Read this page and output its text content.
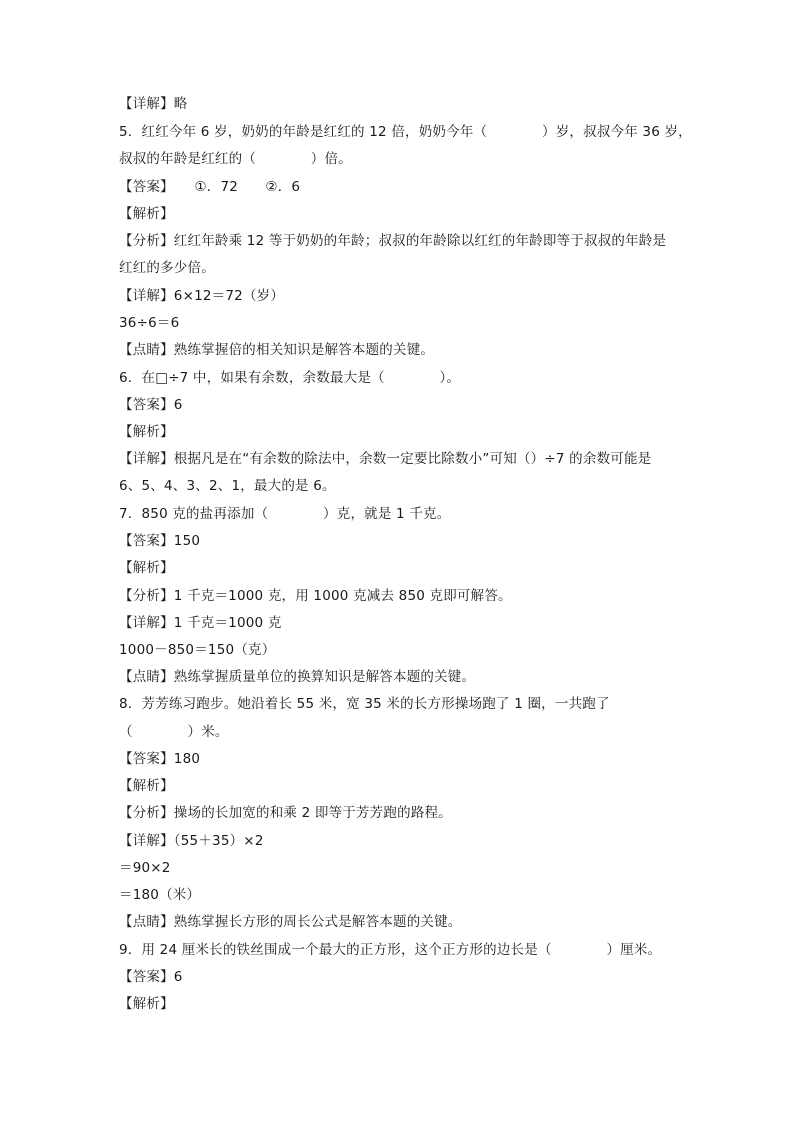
【详解】略
5．红红今年 6 岁，奶奶的年龄是红红的 12 倍，奶奶今年（　　　　）岁，叔叔今年 36 岁，
叔叔的年龄是红红的（　　　　）倍。
【答案】　　①．72　　②．6
【解析】
【分析】红红年龄乘 12 等于奶奶的年龄；叔叔的年龄除以红红的年龄即等于叔叔的年龄是
红红的多少倍。
【详解】6×12＝72（岁）
36÷6＝6
【点睛】熟练掌握倍的相关知识是解答本题的关键。
6．在□÷7 中，如果有余数，余数最大是（　　　　）。
【答案】6
【解析】
【详解】根据凡是在“有余数的除法中，余数一定要比除数小”可知（）÷7 的余数可能是
6、5、4、3、2、1，最大的是 6。
7．850 克的盐再添加（　　　　）克，就是 1 千克。
【答案】150
【解析】
【分析】1 千克＝1000 克，用 1000 克减去 850 克即可解答。
【详解】1 千克＝1000 克
1000－850＝150（克）
【点睛】熟练掌握质量单位的换算知识是解答本题的关键。
8．芳芳练习跑步。她沿着长 55 米，宽 35 米的长方形操场跑了 1 圈，一共跑了
（　　　　）米。
【答案】180
【解析】
【分析】操场的长加宽的和乘 2 即等于芳芳跑的路程。
【详解】（55＋35）×2
＝90×2
＝180（米）
【点睛】熟练掌握长方形的周长公式是解答本题的关键。
9．用 24 厘米长的铁丝围成一个最大的正方形，这个正方形的边长是（　　　　）厘米。
【答案】6
【解析】
